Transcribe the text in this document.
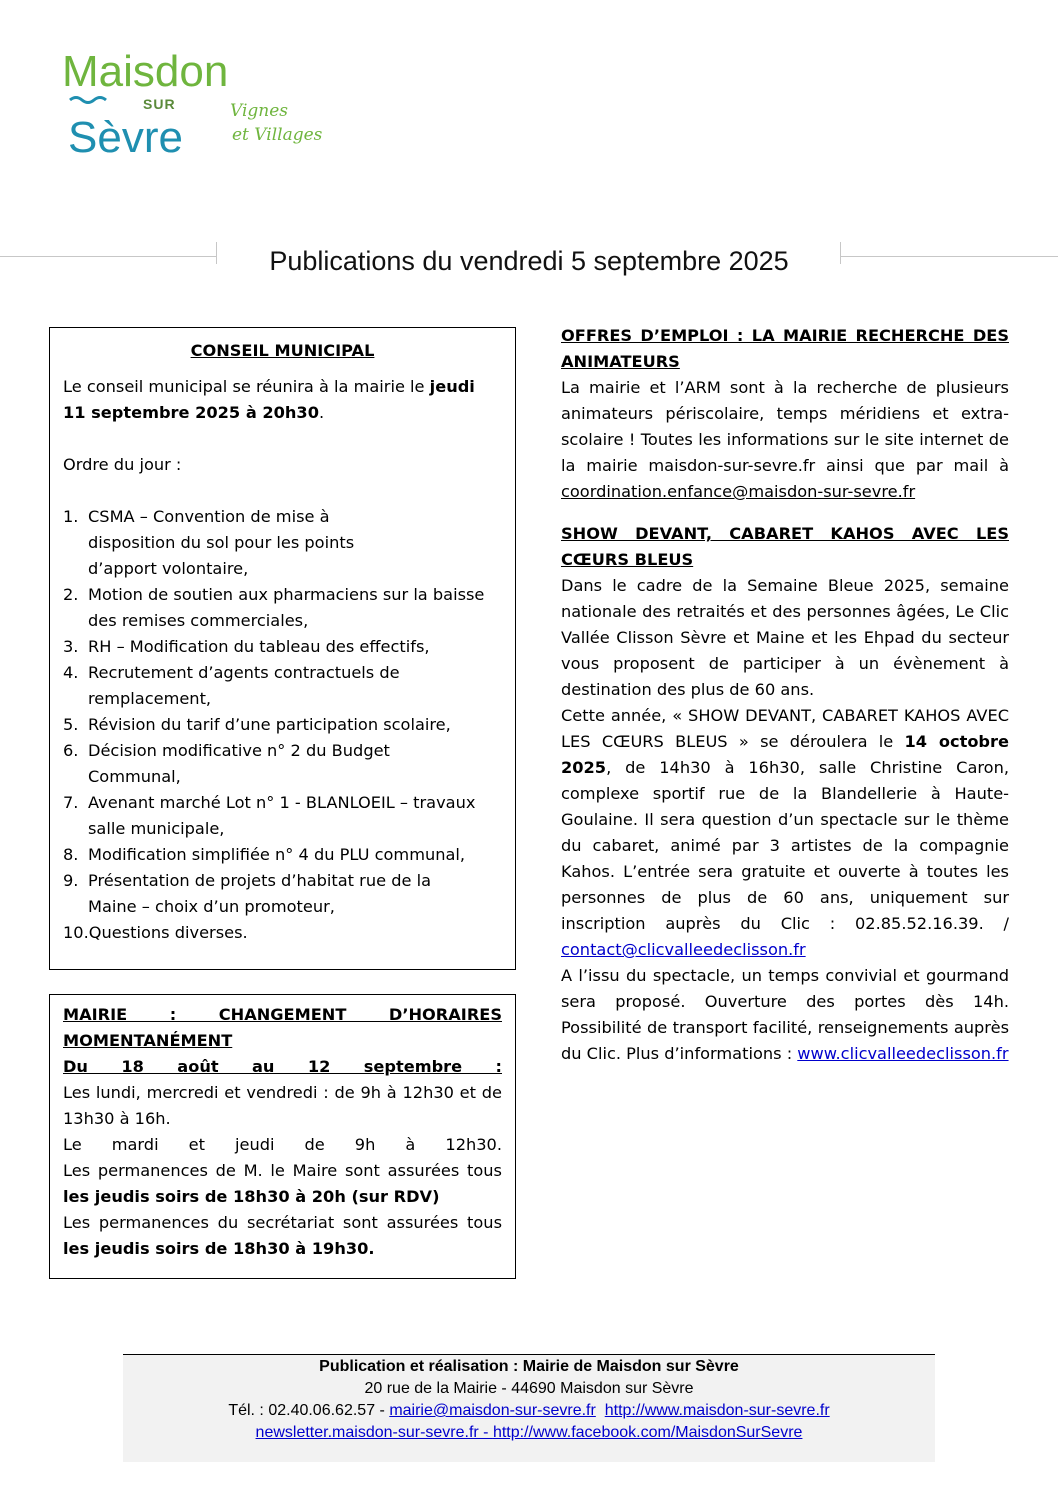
Maisdon
SUR
Sèvre
Vignes
et Villages
Publications du vendredi 5 septembre 2025
CONSEIL MUNICIPAL
Le conseil municipal se réunira à la mairie le jeudi 11 septembre 2025 à 20h30.
Ordre du jour :
1. CSMA – Convention de mise à disposition du sol pour les points d’apport volontaire,
2. Motion de soutien aux pharmaciens sur la baisse des remises commerciales,
3. RH – Modification du tableau des effectifs,
4. Recrutement d’agents contractuels de remplacement,
5. Révision du tarif d’une participation scolaire,
6. Décision modificative n° 2 du Budget Communal,
7. Avenant marché Lot n° 1 - BLANLOEIL – travaux salle municipale,
8. Modification simplifiée n° 4 du PLU communal,
9. Présentation de projets d’habitat rue de la Maine – choix d’un promoteur,
10.Questions diverses.
MAIRIE : CHANGEMENT D’HORAIRES MOMENTANÉMENT
Du 18 août au 12 septembre :
Les lundi, mercredi et vendredi : de 9h à 12h30 et de 13h30 à 16h.
Le mardi et jeudi de 9h à 12h30.
Les permanences de M. le Maire sont assurées tous les jeudis soirs de 18h30 à 20h (sur RDV)
Les permanences du secrétariat sont assurées tous les jeudis soirs de 18h30 à 19h30.
OFFRES D’EMPLOI : LA MAIRIE RECHERCHE DES ANIMATEURS
La mairie et l’ARM sont à la recherche de plusieurs animateurs périscolaire, temps méridiens et extra-scolaire ! Toutes les informations sur le site internet de la mairie maisdon-sur-sevre.fr ainsi que par mail à coordination.enfance@maisdon-sur-sevre.fr
SHOW DEVANT, CABARET KAHOS AVEC LES CŒURS BLEUS
Dans le cadre de la Semaine Bleue 2025, semaine nationale des retraités et des personnes âgées, Le Clic Vallée Clisson Sèvre et Maine et les Ehpad du secteur vous proposent de participer à un évènement à destination des plus de 60 ans.
Cette année, « SHOW DEVANT, CABARET KAHOS AVEC LES CŒURS BLEUS » se déroulera le 14 octobre 2025, de 14h30 à 16h30, salle Christine Caron, complexe sportif rue de la Blandellerie à Haute-Goulaine. Il sera question d’un spectacle sur le thème du cabaret, animé par 3 artistes de la compagnie Kahos. L’entrée sera gratuite et ouverte à toutes les personnes de plus de 60 ans, uniquement sur inscription auprès du Clic : 02.85.52.16.39. / contact@clicvalleedeclisson.fr
A l’issu du spectacle, un temps convivial et gourmand sera proposé. Ouverture des portes dès 14h. Possibilité de transport facilité, renseignements auprès du Clic. Plus d’informations : www.clicvalleedeclisson.fr
Publication et réalisation : Mairie de Maisdon sur Sèvre
20 rue de la Mairie - 44690 Maisdon sur Sèvre
Tél. : 02.40.06.62.57 - mairie@maisdon-sur-sevre.fr http://www.maisdon-sur-sevre.fr
newsletter.maisdon-sur-sevre.fr - http://www.facebook.com/MaisdonSurSevre
